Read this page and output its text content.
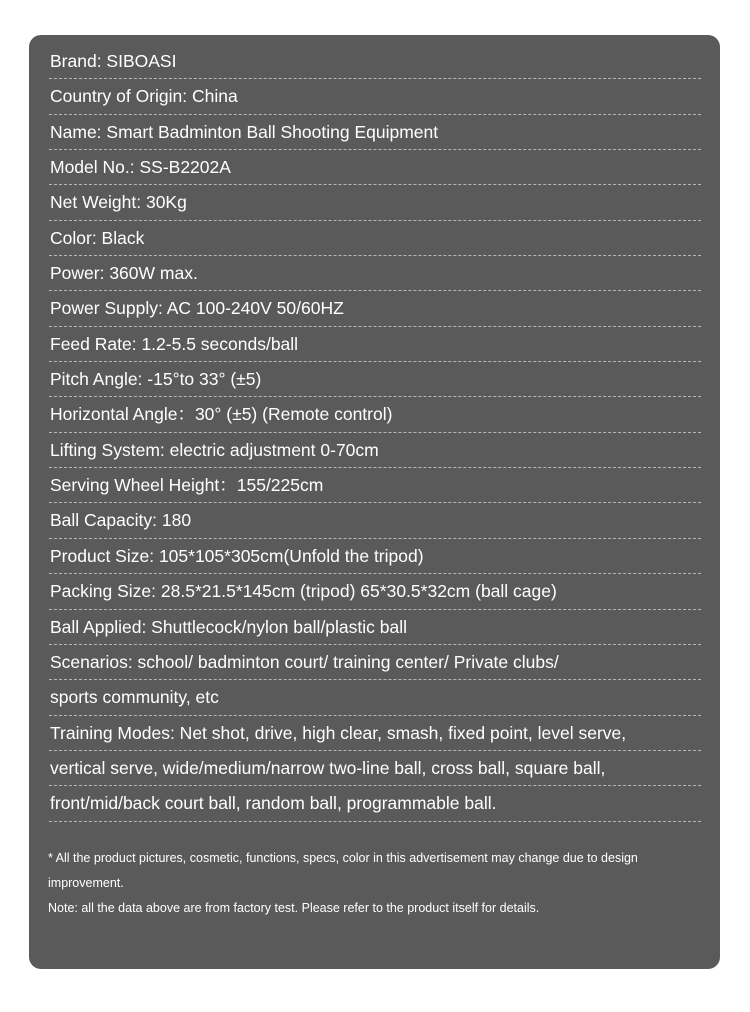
Brand: SIBOASI
Country of Origin: China
Name: Smart Badminton Ball Shooting Equipment
Model No.: SS-B2202A
Net Weight: 30Kg
Color: Black
Power: 360W max.
Power Supply: AC 100-240V 50/60HZ
Feed Rate: 1.2-5.5 seconds/ball
Pitch Angle: -15°to 33° (±5)
Horizontal Angle：30° (±5) (Remote control)
Lifting System: electric adjustment 0-70cm
Serving Wheel Height：155/225cm
Ball Capacity: 180
Product Size: 105*105*305cm(Unfold the tripod)
Packing Size: 28.5*21.5*145cm (tripod) 65*30.5*32cm (ball cage)
Ball Applied: Shuttlecock/nylon ball/plastic ball
Scenarios: school/ badminton court/ training center/ Private clubs/
sports community, etc
Training Modes: Net shot, drive, high clear, smash, fixed point, level serve,
vertical serve, wide/medium/narrow two-line ball, cross ball, square ball,
front/mid/back court ball, random ball, programmable ball.

* All the product pictures, cosmetic, functions, specs, color in this advertisement may change due to design improvement.

Note: all the data above are from factory test. Please refer to the product itself for details.
